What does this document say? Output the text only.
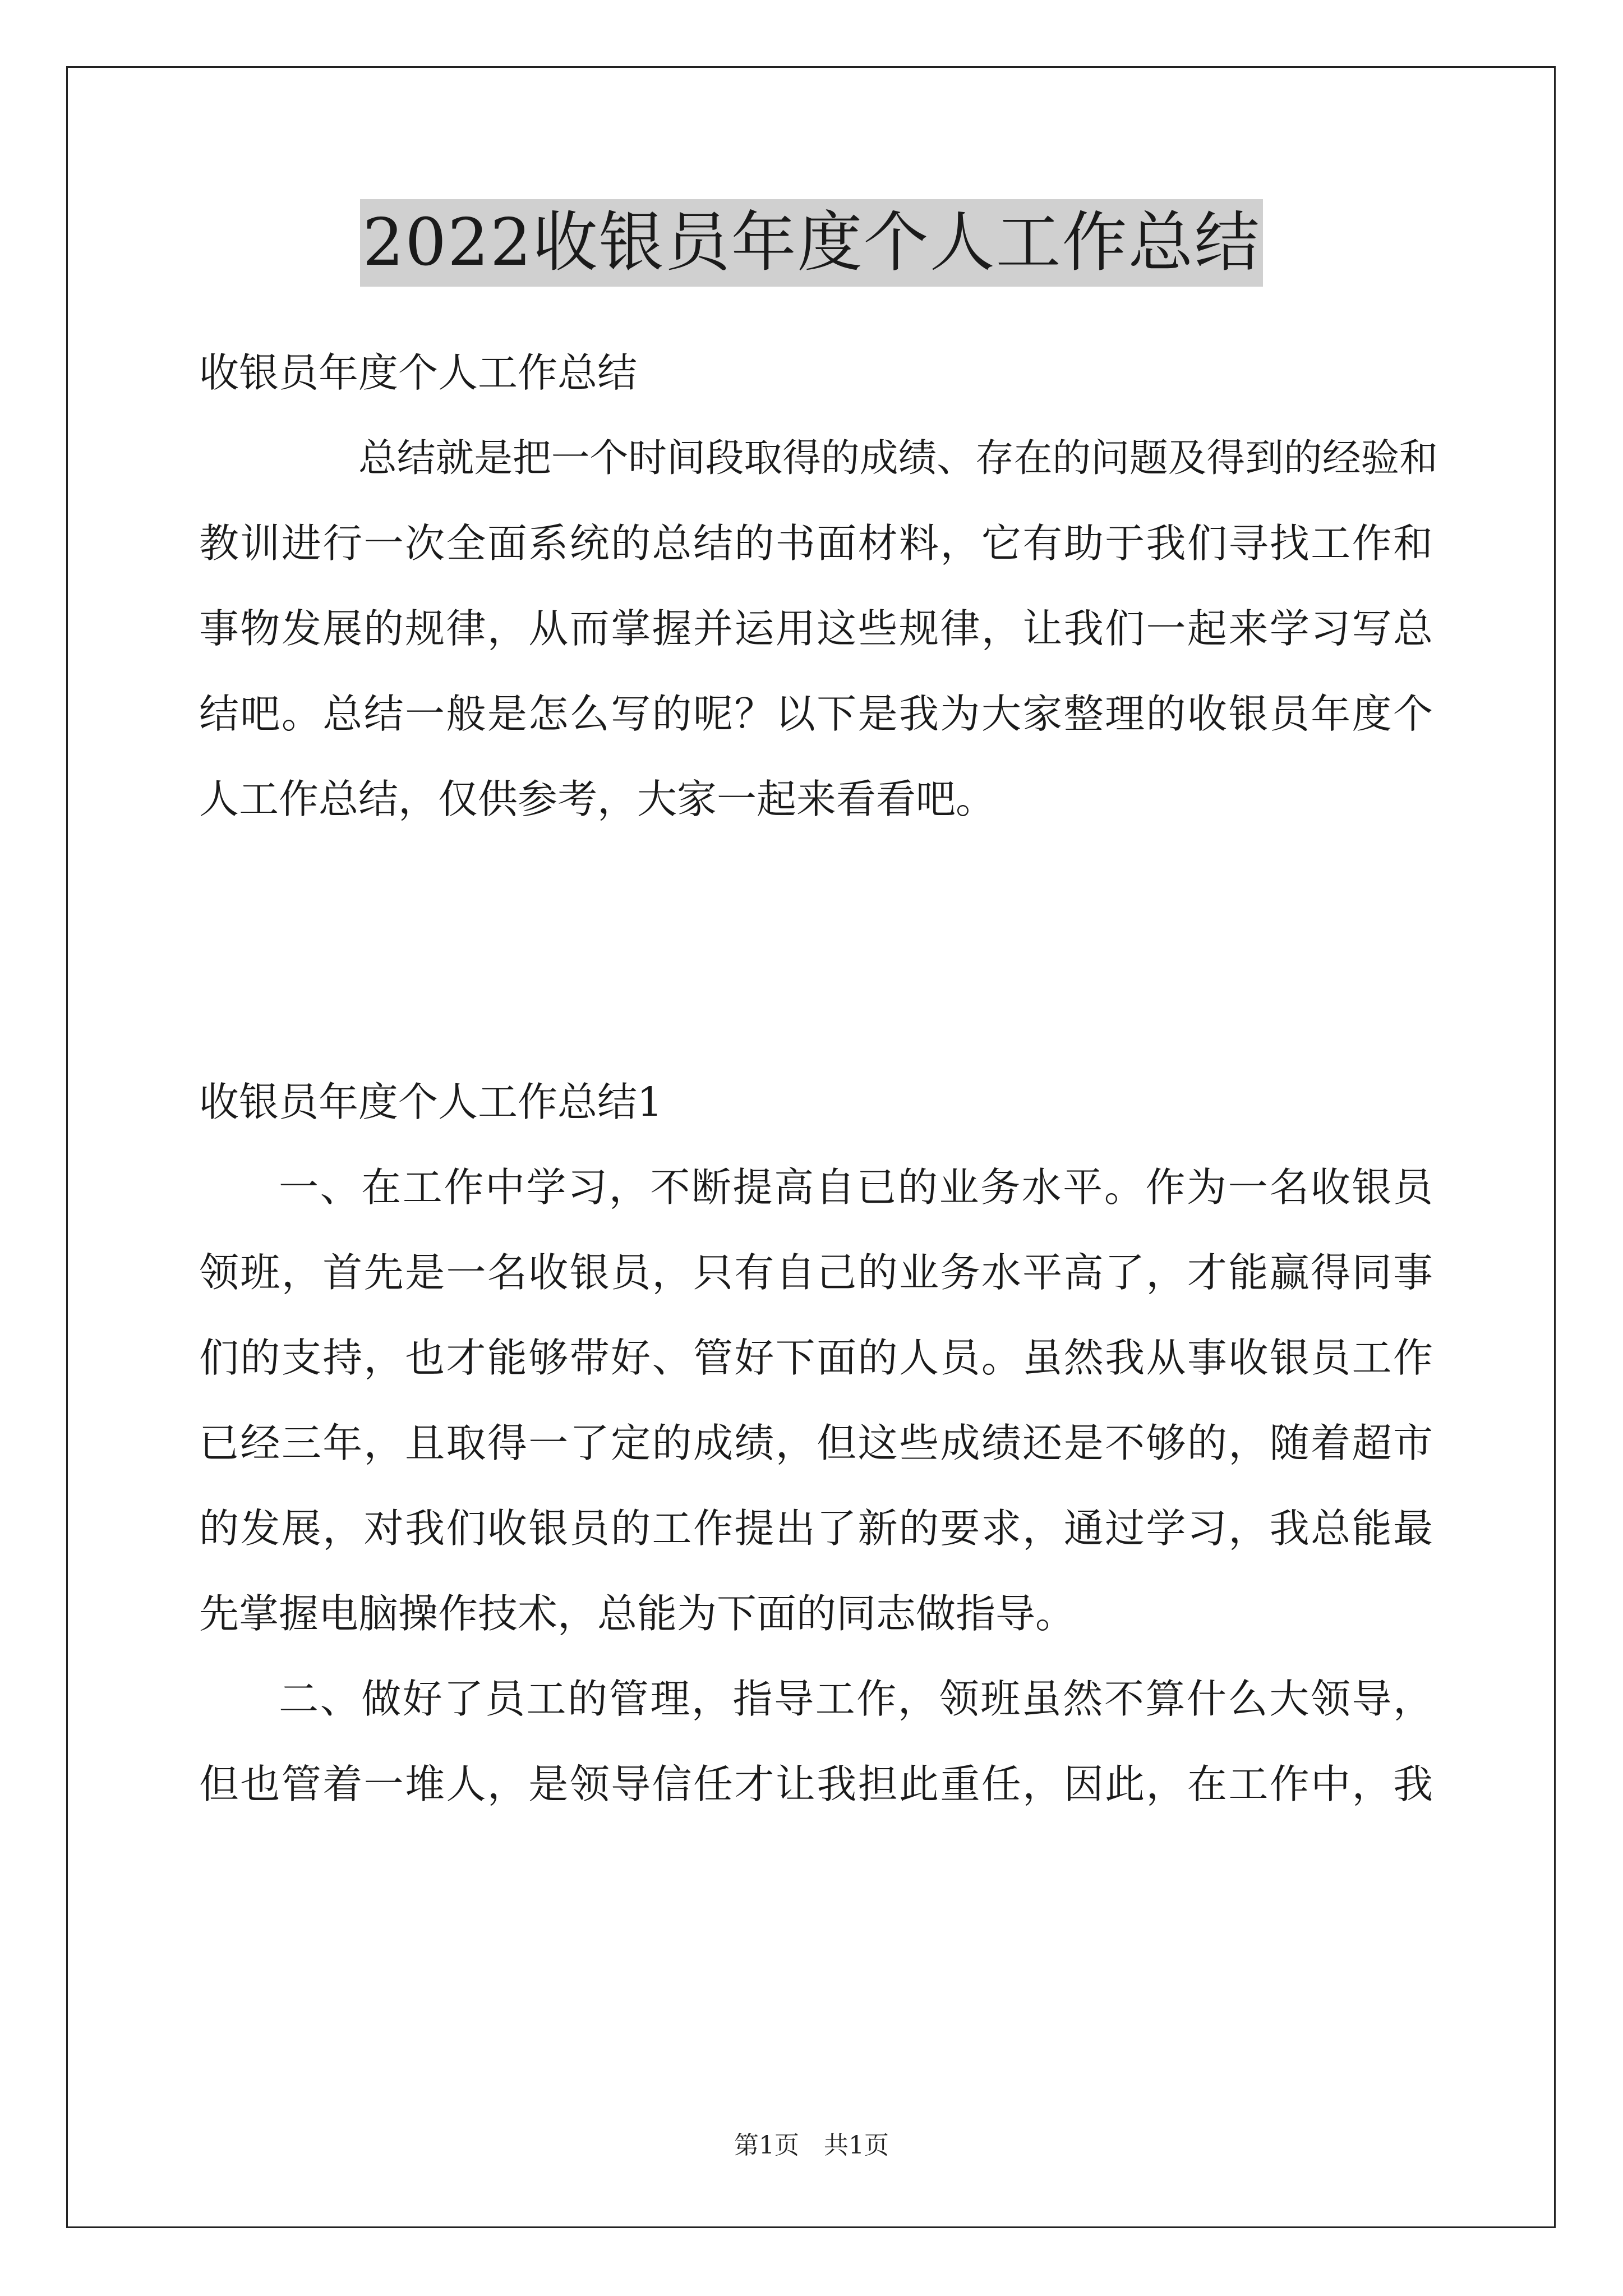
2022收银员年度个人工作总结
收银员年度个人工作总结
总结就是把一个时间段取得的成绩、存在的问题及得到的经验和
教训进行一次全面系统的总结的书面材料，它有助于我们寻找工作和
事物发展的规律，从而掌握并运用这些规律，让我们一起来学习写总
结吧。总结一般是怎么写的呢？以下是我为大家整理的收银员年度个
人工作总结，仅供参考，大家一起来看看吧。
收银员年度个人工作总结1
一、在工作中学习，不断提高自已的业务水平。作为一名收银员
领班，首先是一名收银员，只有自己的业务水平高了，才能赢得同事
们的支持，也才能够带好、管好下面的人员。虽然我从事收银员工作
已经三年，且取得一了定的成绩，但这些成绩还是不够的，随着超市
的发展，对我们收银员的工作提出了新的要求，通过学习，我总能最
先掌握电脑操作技术，总能为下面的同志做指导。
二、做好了员工的管理，指导工作，领班虽然不算什么大领导，
但也管着一堆人，是领导信任才让我担此重任，因此，在工作中，我
第1页　共1页
